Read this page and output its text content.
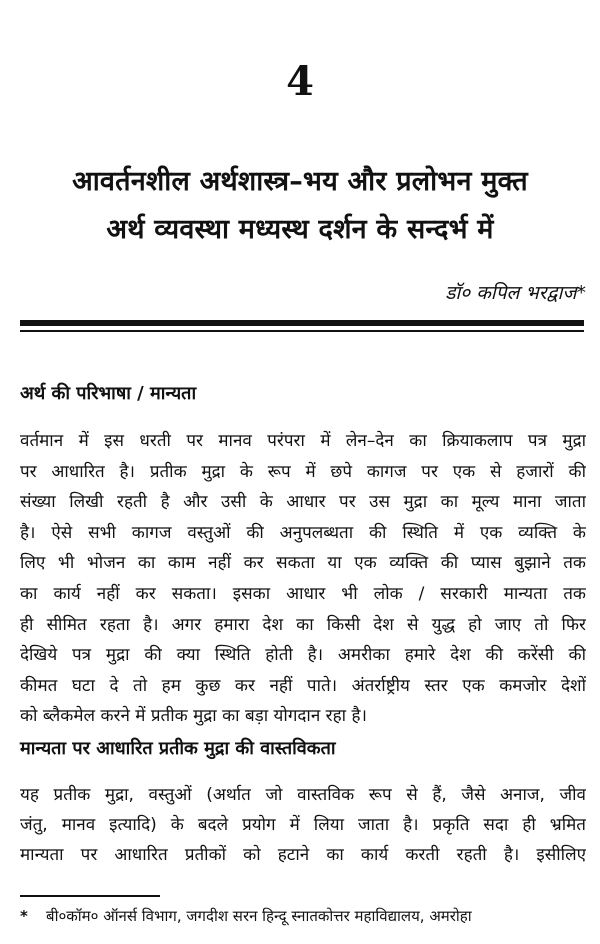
4
आवर्तनशील अर्थशास्त्र–भय और प्रलोभन मुक्त
अर्थ व्यवस्था मध्यस्थ दर्शन के सन्दर्भ में
डॉ० कपिल भरद्वाज*
अर्थ की परिभाषा / मान्यता
वर्तमान में इस धरती पर मानव परंपरा में लेन–देन का क्रियाकलाप पत्र मुद्रा
पर आधारित है। प्रतीक मुद्रा के रूप में छपे कागज पर एक से हजारों की
संख्या लिखी रहती है और उसी के आधार पर उस मुद्रा का मूल्य माना जाता
है। ऐसे सभी कागज वस्तुओं की अनुपलब्धता की स्थिति में एक व्यक्ति के
लिए भी भोजन का काम नहीं कर सकता या एक व्यक्ति की प्यास बुझाने तक
का कार्य नहीं कर सकता। इसका आधार भी लोक / सरकारी मान्यता तक
ही सीमित रहता है। अगर हमारा देश का किसी देश से युद्ध हो जाए तो फिर
देखिये पत्र मुद्रा की क्या स्थिति होती है। अमरीका हमारे देश की करेंसी की
कीमत घटा दे तो हम कुछ कर नहीं पाते। अंतर्राष्ट्रीय स्तर एक कमजोर देशों
को ब्लैकमेल करने में प्रतीक मुद्रा का बड़ा योगदान रहा है।
मान्यता पर आधारित प्रतीक मुद्रा की वास्तविकता
यह प्रतीक मुद्रा, वस्तुओं (अर्थात जो वास्तविक रूप से हैं, जैसे अनाज, जीव
जंतु, मानव इत्यादि) के बदले प्रयोग में लिया जाता है। प्रकृति सदा ही भ्रमित
मान्यता पर आधारित प्रतीकों को हटाने का कार्य करती रहती है। इसीलिए
*	बी०कॉम० ऑनर्स विभाग, जगदीश सरन हिन्दू स्नातकोत्तर महाविद्यालय, अमरोहा
